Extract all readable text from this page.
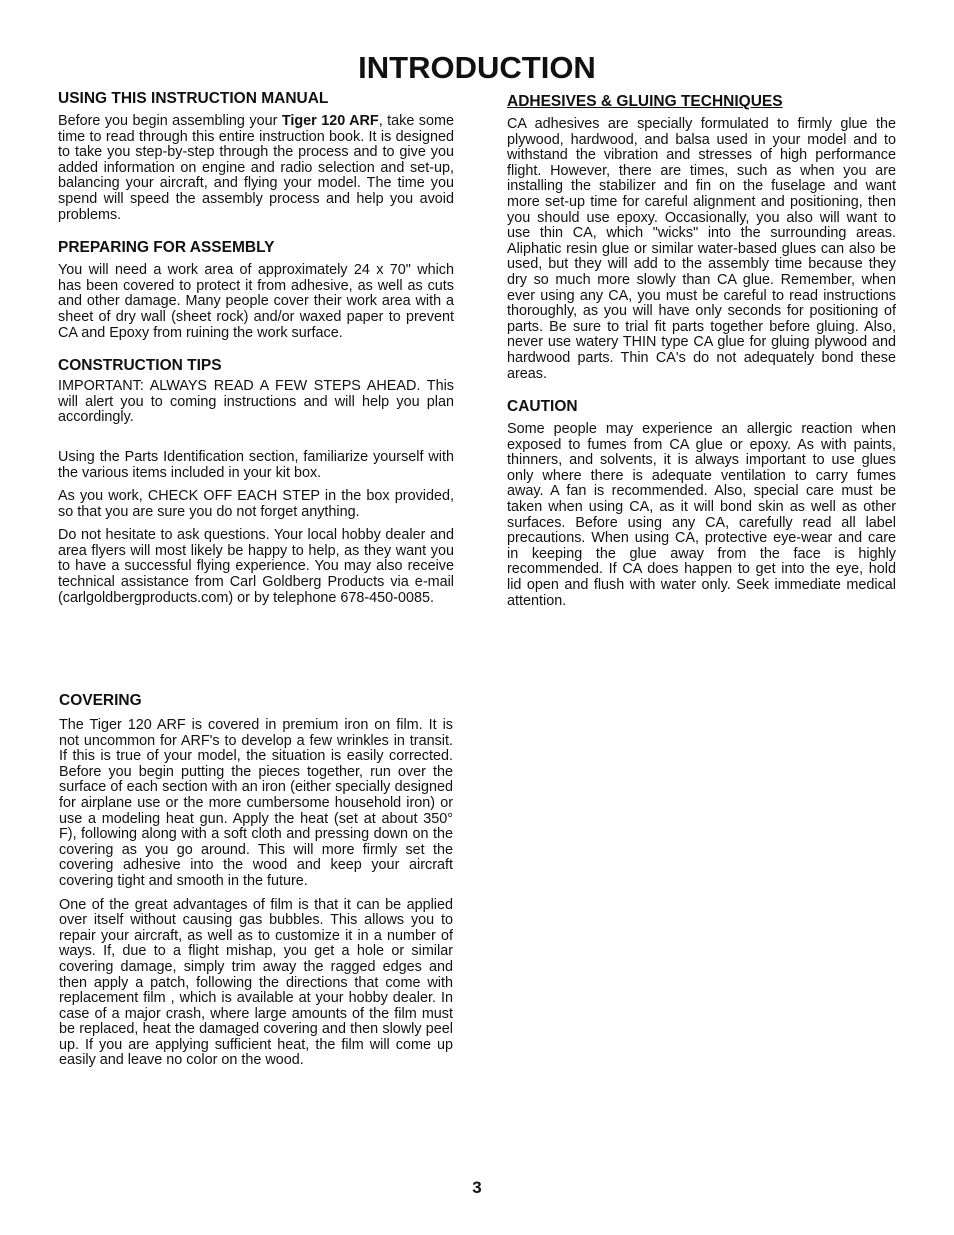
INTRODUCTION
USING THIS INSTRUCTION MANUAL

Before you begin assembling your Tiger 120 ARF, take some time to read through this entire instruction book. It is designed to take you step-by-step through the process and to give you added information on engine and radio selection and set-up, balancing your aircraft, and flying your model. The time you spend will speed the assembly process and help you avoid problems.

PREPARING FOR ASSEMBLY

You will need a work area of approximately 24 x 70" which has been covered to protect it from adhesive, as well as cuts and other damage. Many people cover their work area with a sheet of dry wall (sheet rock) and/or waxed paper to prevent CA and Epoxy from ruining the work surface.

CONSTRUCTION TIPS

IMPORTANT: ALWAYS READ A FEW STEPS AHEAD. This will alert you to coming instructions and will help you plan accordingly.

Using the Parts Identification section, familiarize yourself with the various items included in your kit box.

As you work, CHECK OFF EACH STEP in the box provided, so that you are sure you do not forget anything.

Do not hesitate to ask questions. Your local hobby dealer and area flyers will most likely be happy to help, as they want you to have a successful flying experience. You may also receive technical assistance from Carl Goldberg Products via e-mail (carlgoldbergproducts.com) or by telephone 678-450-0085.

COVERING

The Tiger 120 ARF is covered in premium iron on film. It is not uncommon for ARF's to develop a few wrinkles in transit. If this is true of your model, the situation is easily corrected. Before you begin putting the pieces together, run over the surface of each section with an iron (either specially designed for airplane use or the more cumbersome household iron) or use a modeling heat gun. Apply the heat (set at about 350° F), following along with a soft cloth and pressing down on the covering as you go around. This will more firmly set the covering adhesive into the wood and keep your aircraft covering tight and smooth in the future.

One of the great advantages of film is that it can be applied over itself without causing gas bubbles. This allows you to repair your aircraft, as well as to customize it in a number of ways. If, due to a flight mishap, you get a hole or similar covering damage, simply trim away the ragged edges and then apply a patch, following the directions that come with replacement film , which is available at your hobby dealer. In case of a major crash, where large amounts of the film must be replaced, heat the damaged covering and then slowly peel up. If you are applying sufficient heat, the film will come up easily and leave no color on the wood.

ADHESIVES & GLUING TECHNIQUES

CA adhesives are specially formulated to firmly glue the plywood, hardwood, and balsa used in your model and to withstand the vibration and stresses of high performance flight. However, there are times, such as when you are installing the stabilizer and fin on the fuselage and want more set-up time for careful alignment and positioning, then you should use epoxy. Occasionally, you also will want to use thin CA, which "wicks" into the surrounding areas. Aliphatic resin glue or similar water-based glues can also be used, but they will add to the assembly time because they dry so much more slowly than CA glue. Remember, when ever using any CA, you must be careful to read instructions thoroughly, as you will have only seconds for positioning of parts. Be sure to trial fit parts together before gluing. Also, never use watery THIN type CA glue for gluing plywood and hardwood parts. Thin CA's do not adequately bond these areas.

CAUTION

Some people may experience an allergic reaction when exposed to fumes from CA glue or epoxy. As with paints, thinners, and solvents, it is always important to use glues only where there is adequate ventilation to carry fumes away. A fan is recommended. Also, special care must be taken when using CA, as it will bond skin as well as other surfaces. Before using any CA, carefully read all label precautions. When using CA, protective eye-wear and care in keeping the glue away from the face is highly recommended. If CA does happen to get into the eye, hold lid open and flush with water only. Seek immediate medical attention.

3
